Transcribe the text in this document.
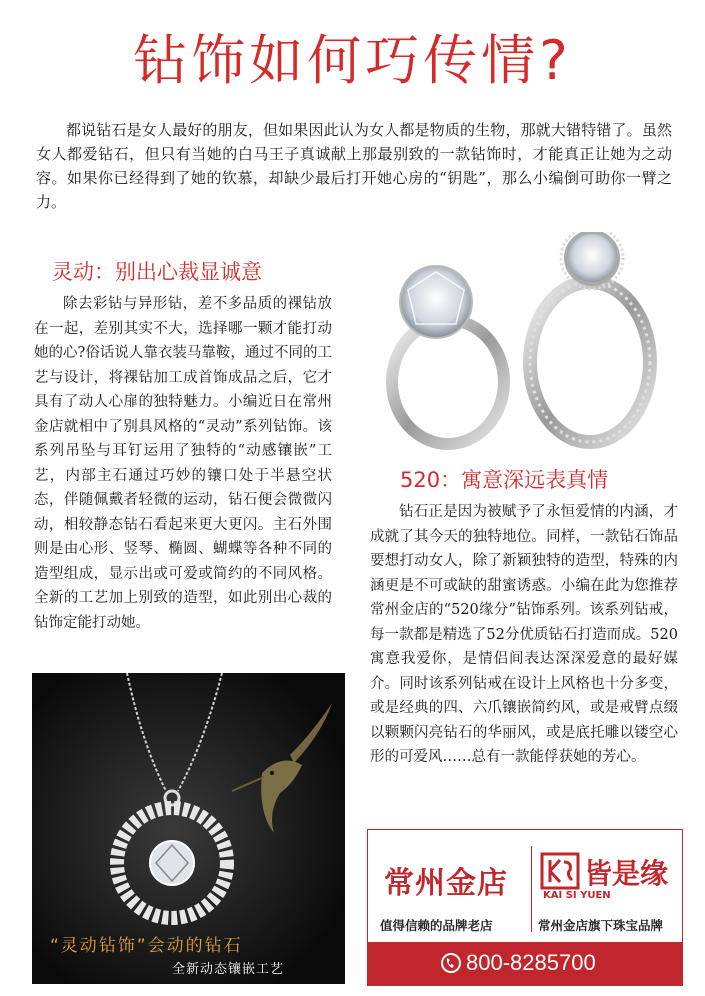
钻饰如何巧传情?
都说钻石是女人最好的朋友，但如果因此认为女人都是物质的生物，那就大错特错了。虽然女人都爱钻石，但只有当她的白马王子真诚献上那最别致的一款钻饰时，才能真正让她为之动容。如果你已经得到了她的钦慕，却缺少最后打开她心房的“钥匙”，那么小编倒可助你一臂之力。
灵动：别出心裁显诚意
除去彩钻与异形钻，差不多品质的裸钻放在一起，差别其实不大，选择哪一颗才能打动她的心?俗话说人靠衣装马靠鞍，通过不同的工艺与设计，将裸钻加工成首饰成品之后，它才具有了动人心扉的独特魅力。小编近日在常州金店就相中了别具风格的“灵动”系列钻饰。该系列吊坠与耳钉运用了独特的“动感镶嵌”工艺，内部主石通过巧妙的镶口处于半悬空状态，伴随佩戴者轻微的运动，钻石便会微微闪动，相较静态钻石看起来更大更闪。主石外围则是由心形、竖琴、椭圆、蝴蝶等各种不同的造型组成，显示出或可爱或简约的不同风格。全新的工艺加上别致的造型，如此别出心裁的钻饰定能打动她。
520：寓意深远表真情
钻石正是因为被赋予了永恒爱情的内涵，才成就了其今天的独特地位。同样，一款钻石饰品要想打动女人，除了新颖独特的造型，特殊的内涵更是不可或缺的甜蜜诱惑。小编在此为您推荐常州金店的“520缘分”钻饰系列。该系列钻戒，每一款都是精选了52分优质钻石打造而成。520寓意我爱你，是情侣间表达深深爱意的最好媒介。同时该系列钻戒在设计上风格也十分多变，或是经典的四、六爪镶嵌简约风，或是戒臂点缀以颗颗闪亮钻石的华丽风，或是底托雕以镂空心形的可爱风……总有一款能俘获她的芳心。
“灵动钻饰”会动的钻石
全新动态镶嵌工艺
常州金店	皆是缘
KAI SI YUEN
值得信赖的品牌老店	常州金店旗下珠宝品牌
800-8285700
